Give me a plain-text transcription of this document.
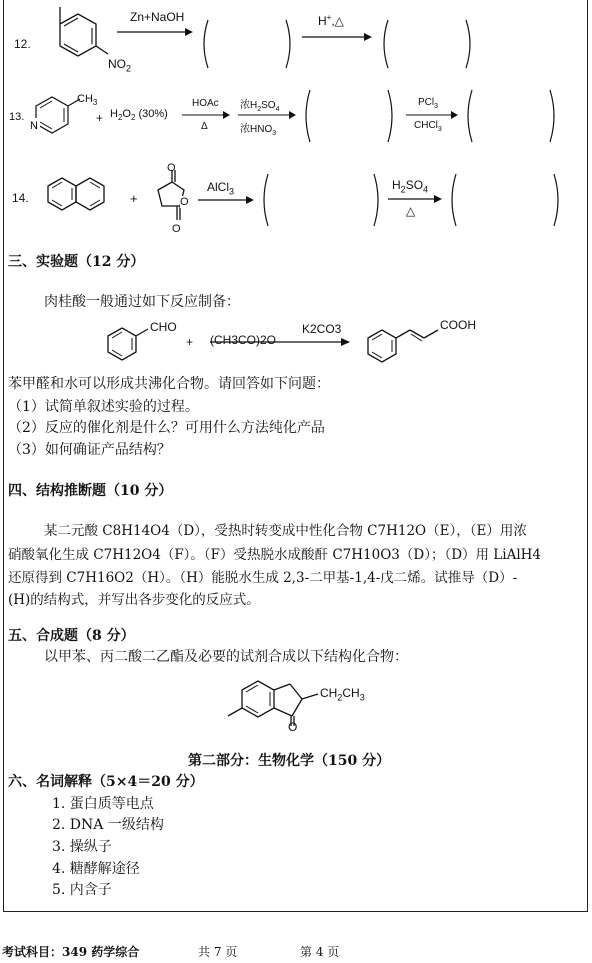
12.
$NO_2$
Zn+NaOH	H+,△
13.
N
$CH_3$
+ $H_2O_2$ (30%)
HOAc
Δ
浓$H_2SO_4$
浓$HNO_3$
PCl$_3$
CHCl$_3$
14.	+
O
O
O
AlCl$_3$	$H_2SO_4$
△
三、实验题（12 分）
肉桂酸一般通过如下反应制备：
CHO
+ (CH3CO)2O
K2CO3	COOH
苯甲醛和水可以形成共沸化合物。请回答如下问题：
（1）试简单叙述实验的过程。
（2）反应的催化剂是什么？可用什么方法纯化产品
（3）如何确证产品结构？
四、结构推断题（10 分）
某二元酸 C8H14O4（D），受热时转变成中性化合物 C7H12O（E），（E）用浓
硝酸氧化生成 C7H12O4（F）。（F）受热脱水成酸酐 C7H10O3（D）；（D）用 LiAlH4
还原得到 C7H16O2（H）。（H）能脱水生成 2,3-二甲基-1,4-戊二烯。试推导（D）-
(H)的结构式，并写出各步变化的反应式。
五、合成题（8 分）
以甲苯、丙二酸二乙酯及必要的试剂合成以下结构化合物：
$CH_2CH_3$
O
第二部分：生物化学（150 分）
六、名词解释（5×4＝20 分）
1. 蛋白质等电点
2. DNA 一级结构
3. 操纵子
4. 糖酵解途径
5. 内含子
考试科目：349 药学综合	共 7 页	第 4 页
